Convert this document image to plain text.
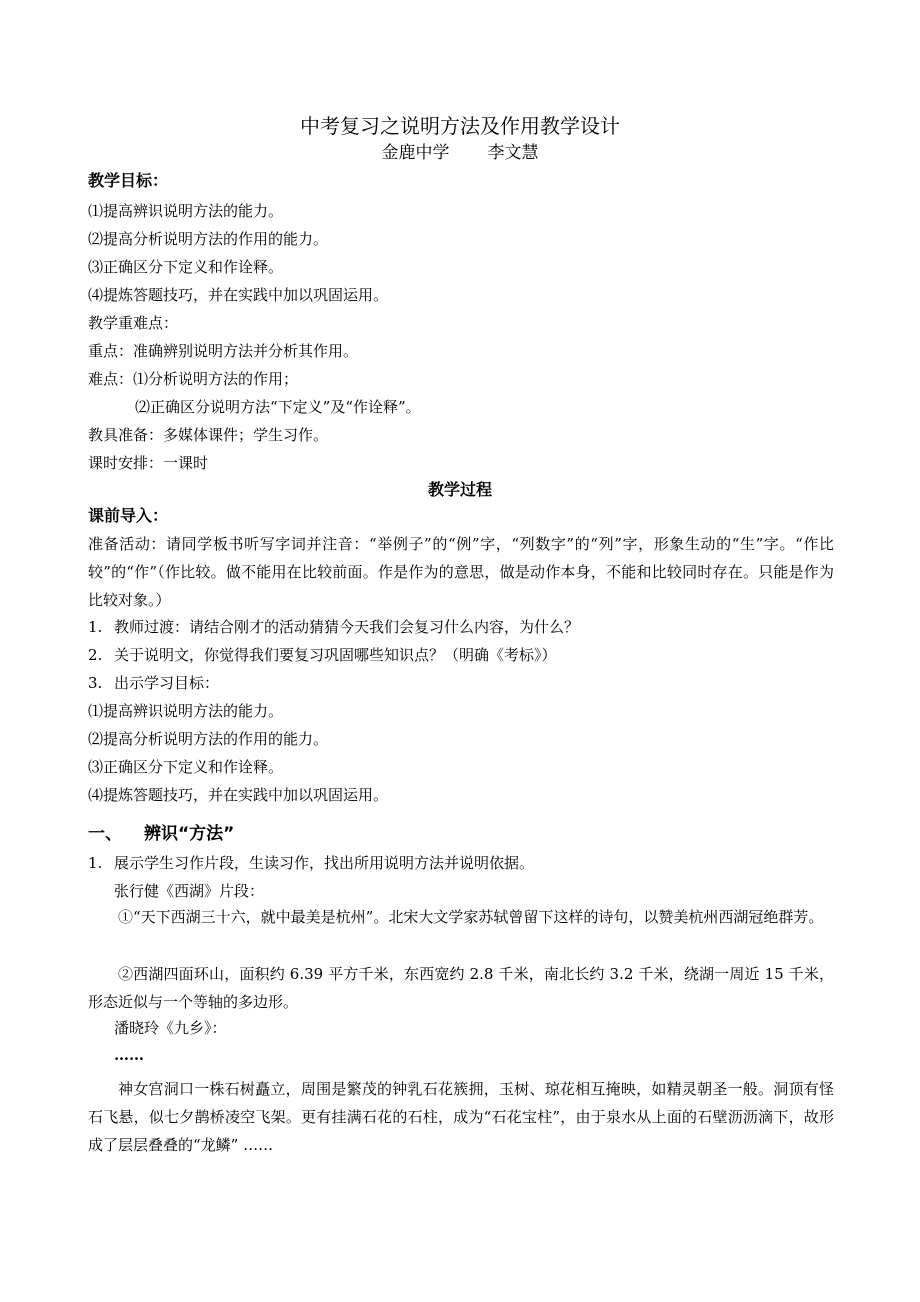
中考复习之说明方法及作用教学设计
金鹿中学 李文慧
教学目标：
⑴提高辨识说明方法的能力。
⑵提高分析说明方法的作用的能力。
⑶正确区分下定义和作诠释。
⑷提炼答题技巧，并在实践中加以巩固运用。
教学重难点：
重点：准确辨别说明方法并分析其作用。
难点：⑴分析说明方法的作用；
⑵正确区分说明方法“下定义”及“作诠释”。
教具准备：多媒体课件；学生习作。
课时安排：一课时
教学过程
课前导入：
准备活动：请同学板书听写字词并注音：“举例子”的“例”字，“列数字”的“列”字，形象生动的“生”字。“作比较”的“作”（作比较。做不能用在比较前面。作是作为的意思，做是动作本身，不能和比较同时存在。只能是作为比较对象。）
1. 教师过渡：请结合刚才的活动猜猜今天我们会复习什么内容，为什么？
2. 关于说明文，你觉得我们要复习巩固哪些知识点？（明确《考标》）
3. 出示学习目标：
⑴提高辨识说明方法的能力。
⑵提高分析说明方法的作用的能力。
⑶正确区分下定义和作诠释。
⑷提炼答题技巧，并在实践中加以巩固运用。
一、 辨识“方法”
1. 展示学生习作片段，生读习作，找出所用说明方法并说明依据。
张行健《西湖》片段：
①“天下西湖三十六，就中最美是杭州”。北宋大文学家苏轼曾留下这样的诗句，以赞美杭州西湖冠绝群芳。
②西湖四面环山，面积约 6.39 平方千米，东西宽约 2.8 千米，南北长约 3.2 千米，绕湖一周近 15 千米，形态近似与一个等轴的多边形。
潘晓玲《九乡》：
……
神女宫洞口一株石树矗立，周围是繁茂的钟乳石花簇拥，玉树、琼花相互掩映，如精灵朝圣一般。洞顶有怪石飞悬，似七夕鹊桥凌空飞架。更有挂满石花的石柱，成为“石花宝柱”，由于泉水从上面的石壁沥沥滴下，故形成了层层叠叠的“龙鳞” ……
